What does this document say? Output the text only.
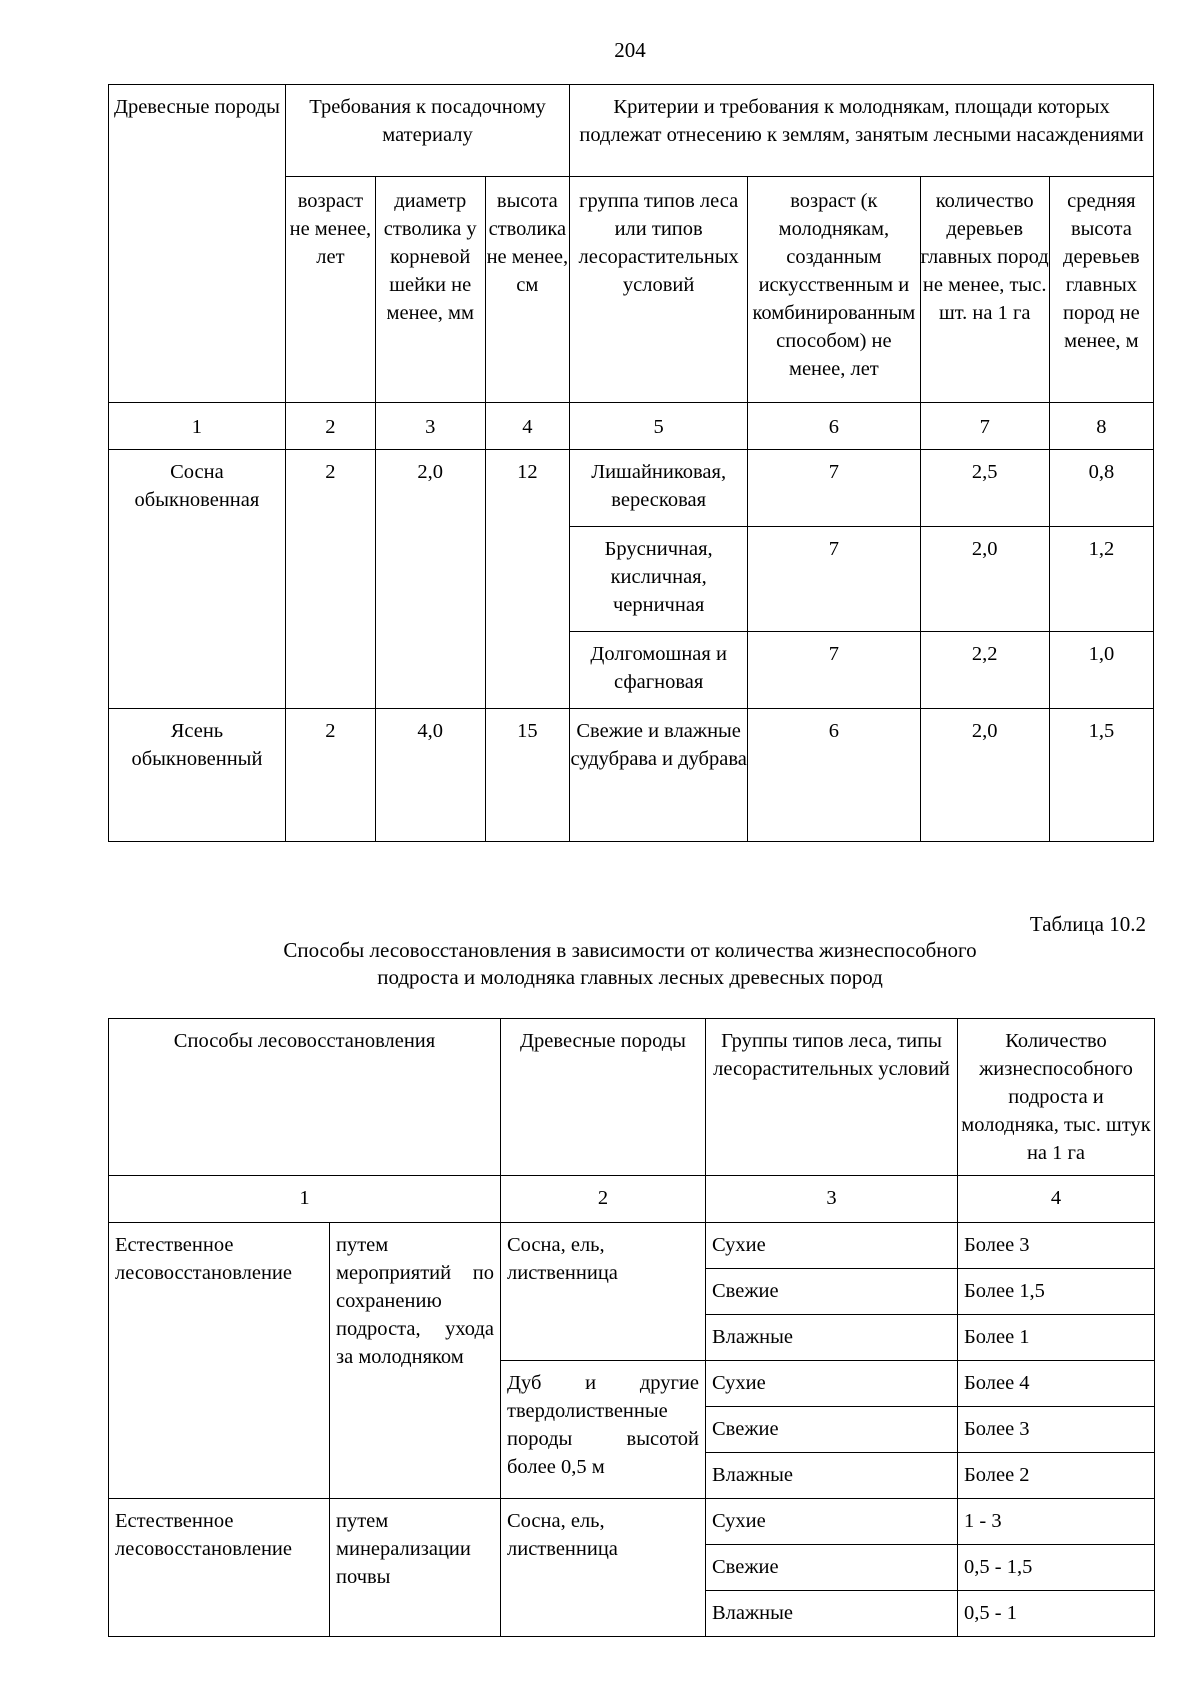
204
Древесные породы	Требования к посадочному материалу			Критерии и требования к молоднякам, площади которых подлежат отнесению к землям, занятым лесными насаждениями			
	возраст не менее, лет	диаметр стволика у корневой шейки не менее, мм	высота стволика не менее, см	группа типов леса или типов лесорастительных условий	возраст (к молоднякам, созданным искусственным и комбинированным способом) не менее, лет	количество деревьев главных пород не менее, тыс. шт. на 1 га	средняя высота деревьев главных пород не менее, м
1	2	3	4	5	6	7	8
Сосна обыкновенная	2	2,0	12	Лишайниковая, вересковая	7	2,5	0,8
				Брусничная, кисличная, черничная	7	2,0	1,2
				Долгомошная и сфагновая	7	2,2	1,0
Ясень обыкновенный	2	4,0	15	Свежие и влажные судубрава и дубрава	6	2,0	1,5
Таблица 10.2
Способы лесовосстановления в зависимости от количества жизнеспособного подроста и молодняка главных лесных древесных пород
Способы лесовосстановления		Древесные породы	Группы типов леса, типы лесорастительных условий	Количество жизнеспособного подроста и молодняка, тыс. штук на 1 га
1		2	3	4
Естественное лесовосстановление	путем мероприятий по сохранению подроста, ухода за молодняком	Сосна, ель, лиственница	Сухие	Более 3
			Свежие	Более 1,5
			Влажные	Более 1
		Дуб и другие твердолиственные породы высотой более 0,5 м	Сухие	Более 4
			Свежие	Более 3
			Влажные	Более 2
Естественное лесовосстановление	путем минерализации почвы	Сосна, ель, лиственница	Сухие	1 - 3
			Свежие	0,5 - 1,5
			Влажные	0,5 - 1
